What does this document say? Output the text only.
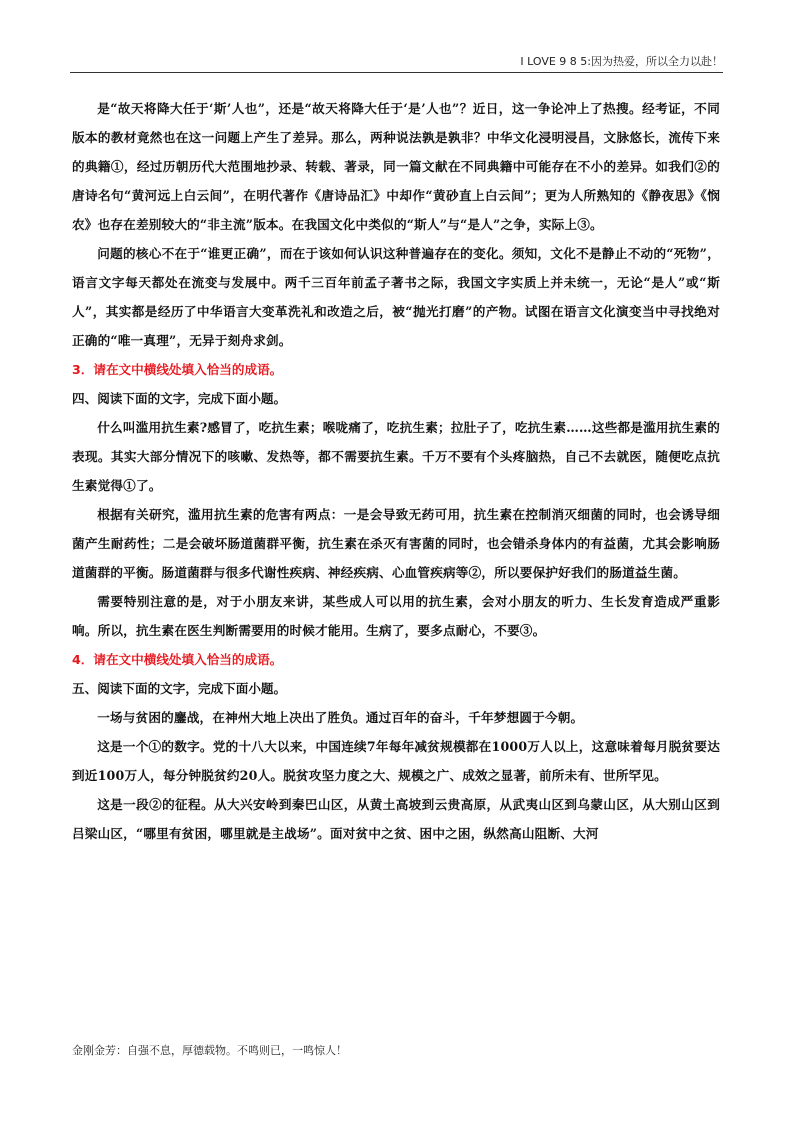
I LOVE 9 8 5:因为热爱，所以全力以赴！

是“故天将降大任于‘斯’人也”，还是“故天将降大任于‘是’人也”？近日，这一争论冲上了热搜。经考证，不同版本的教材竟然也在这一问题上产生了差异。那么，两种说法孰是孰非？中华文化浸明浸昌，文脉悠长，流传下来的典籍①，经过历朝历代大范围地抄录、转载、著录，同一篇文献在不同典籍中可能存在不小的差异。如我们②的唐诗名句“黄河远上白云间”，在明代著作《唐诗品汇》中却作“黄砂直上白云间”；更为人所熟知的《静夜思》《悯农》也存在差别较大的“非主流”版本。在我国文化中类似的“斯人”与“是人”之争，实际上③。

问题的核心不在于“谁更正确”，而在于该如何认识这种普遍存在的变化。须知，文化不是静止不动的“死物”，语言文字每天都处在流变与发展中。两千三百年前孟子著书之际，我国文字实质上并未统一，无论“是人”或“斯人”，其实都是经历了中华语言大变革洗礼和改造之后，被“抛光打磨”的产物。试图在语言文化演变当中寻找绝对正确的“唯一真理”，无异于刻舟求剑。

3．请在文中横线处填入恰当的成语。

四、阅读下面的文字，完成下面小题。

什么叫滥用抗生素?感冒了，吃抗生素；喉咙痛了，吃抗生素；拉肚子了，吃抗生素……这些都是滥用抗生素的表现。其实大部分情况下的咳嗽、发热等，都不需要抗生素。千万不要有个头疼脑热，自己不去就医，随便吃点抗生素觉得①了。

根据有关研究，滥用抗生素的危害有两点：一是会导致无药可用，抗生素在控制消灭细菌的同时，也会诱导细菌产生耐药性；二是会破坏肠道菌群平衡，抗生素在杀灭有害菌的同时，也会错杀身体内的有益菌，尤其会影响肠道菌群的平衡。肠道菌群与很多代谢性疾病、神经疾病、心血管疾病等②，所以要保护好我们的肠道益生菌。

需要特别注意的是，对于小朋友来讲，某些成人可以用的抗生素，会对小朋友的听力、生长发育造成严重影响。所以，抗生素在医生判断需要用的时候才能用。生病了，要多点耐心，不要③。

4．请在文中横线处填入恰当的成语。

五、阅读下面的文字，完成下面小题。

一场与贫困的鏖战，在神州大地上决出了胜负。通过百年的奋斗，千年梦想圆于今朝。

这是一个①的数字。党的十八大以来，中国连续7年每年减贫规模都在1000万人以上，这意味着每月脱贫要达到近100万人，每分钟脱贫约20人。脱贫攻坚力度之大、规模之广、成效之显著，前所未有、世所罕见。

这是一段②的征程。从大兴安岭到秦巴山区，从黄土高坡到云贵高原，从武夷山区到乌蒙山区，从大别山区到吕梁山区，“哪里有贫困，哪里就是主战场”。面对贫中之贫、困中之困，纵然高山阻断、大河

金刚金芳：自强不息，厚德载物。不鸣则已，一鸣惊人！
